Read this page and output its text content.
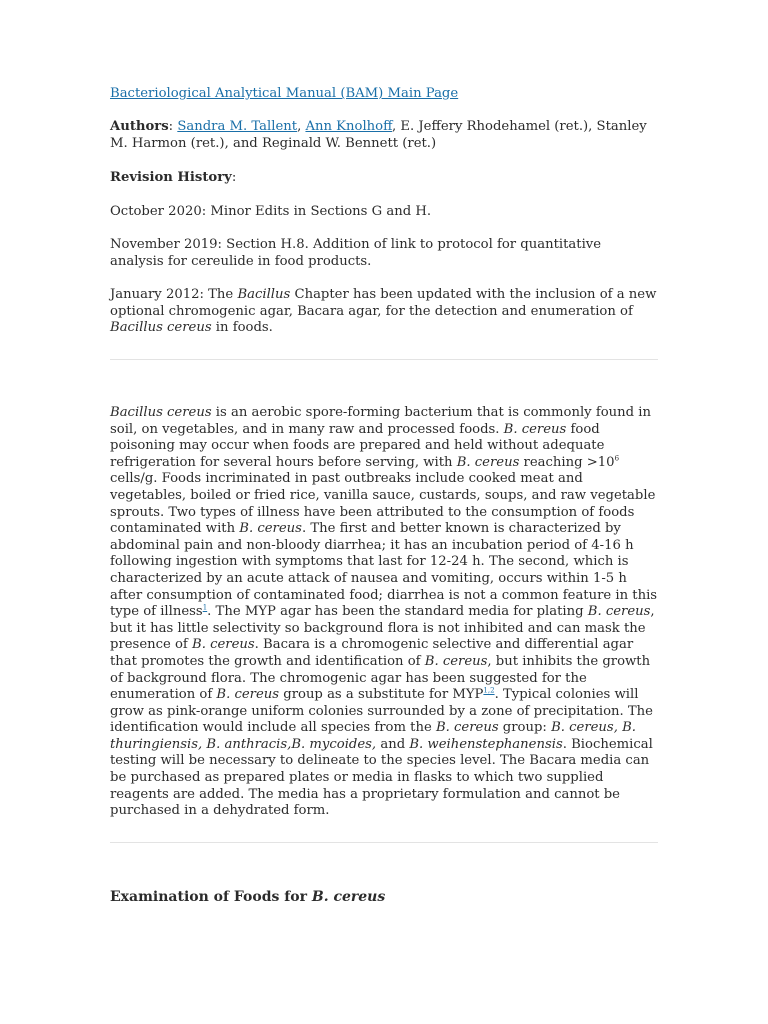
Bacteriological Analytical Manual (BAM) Main Page

Authors: Sandra M. Tallent, Ann Knolhoff, E. Jeffery Rhodehamel (ret.), Stanley M. Harmon (ret.), and Reginald W. Bennett (ret.)

Revision History:

October 2020: Minor Edits in Sections G and H.

November 2019: Section H.8. Addition of link to protocol for quantitative analysis for cereulide in food products.

January 2012: The Bacillus Chapter has been updated with the inclusion of a new optional chromogenic agar, Bacara agar, for the detection and enumeration of Bacillus cereus in foods.

Bacillus cereus is an aerobic spore-forming bacterium that is commonly found in soil, on vegetables, and in many raw and processed foods. B. cereus food poisoning may occur when foods are prepared and held without adequate refrigeration for several hours before serving, with B. cereus reaching $>10^6$ cells/g. Foods incriminated in past outbreaks include cooked meat and vegetables, boiled or fried rice, vanilla sauce, custards, soups, and raw vegetable sprouts. Two types of illness have been attributed to the consumption of foods contaminated with B. cereus. The first and better known is characterized by abdominal pain and non-bloody diarrhea; it has an incubation period of 4-16 h following ingestion with symptoms that last for 12-24 h. The second, which is characterized by an acute attack of nausea and vomiting, occurs within 1-5 h after consumption of contaminated food; diarrhea is not a common feature in this type of illness$^1$. The MYP agar has been the standard media for plating B. cereus, but it has little selectivity so background flora is not inhibited and can mask the presence of B. cereus. Bacara is a chromogenic selective and differential agar that promotes the growth and identification of B. cereus, but inhibits the growth of background flora. The chromogenic agar has been suggested for the enumeration of B. cereus group as a substitute for MYP$^{1,2}$. Typical colonies will grow as pink-orange uniform colonies surrounded by a zone of precipitation. The identification would include all species from the B. cereus group: B. cereus, B. thuringiensis, B. anthracis,B. mycoides, and B. weihenstephanensis. Biochemical testing will be necessary to delineate to the species level. The Bacara media can be purchased as prepared plates or media in flasks to which two supplied reagents are added. The media has a proprietary formulation and cannot be purchased in a dehydrated form.

Examination of Foods for B. cereus
